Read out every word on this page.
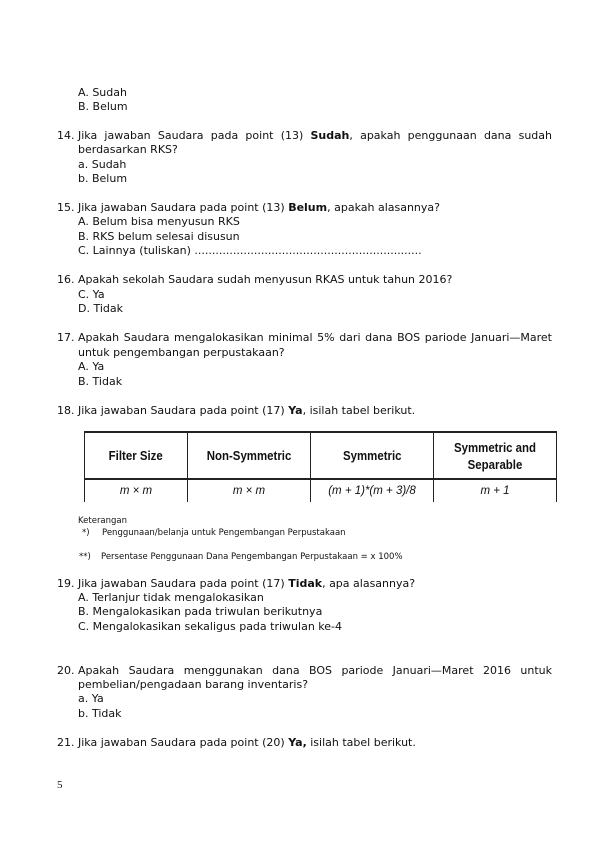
A. Sudah
B. Belum
14. Jika jawaban Saudara pada point (13) Sudah, apakah penggunaan dana sudah
berdasarkan RKS?
a. Sudah
b. Belum
15. Jika jawaban Saudara pada point (13) Belum, apakah alasannya?
A. Belum bisa menyusun RKS
B. RKS belum selesai disusun
C. Lainnya (tuliskan) .................................................................
16. Apakah sekolah Saudara sudah menyusun RKAS untuk tahun 2016?
C. Ya
D. Tidak
17. Apakah Saudara mengalokasikan minimal 5% dari dana BOS pariode Januari—Maret
untuk pengembangan perpustakaan?
A. Ya
B. Tidak
18. Jika jawaban Saudara pada point (17) Ya, isilah tabel berikut.
Filter Size	Non-Symmetric	Symmetric	Symmetric and Separable
m × m	m × m	(m + 1)*(m + 3)/8	m + 1
Keterangan
*) Penggunaan/belanja untuk Pengembangan Perpustakaan
**) Persentase Penggunaan Dana Pengembangan Perpustakaan = x 100%
19. Jika jawaban Saudara pada point (17) Tidak, apa alasannya?
A. Terlanjur tidak mengalokasikan
B. Mengalokasikan pada triwulan berikutnya
C. Mengalokasikan sekaligus pada triwulan ke-4
20. Apakah Saudara menggunakan dana BOS pariode Januari—Maret 2016 untuk
pembelian/pengadaan barang inventaris?
a. Ya
b. Tidak
21. Jika jawaban Saudara pada point (20) Ya, isilah tabel berikut.
5
